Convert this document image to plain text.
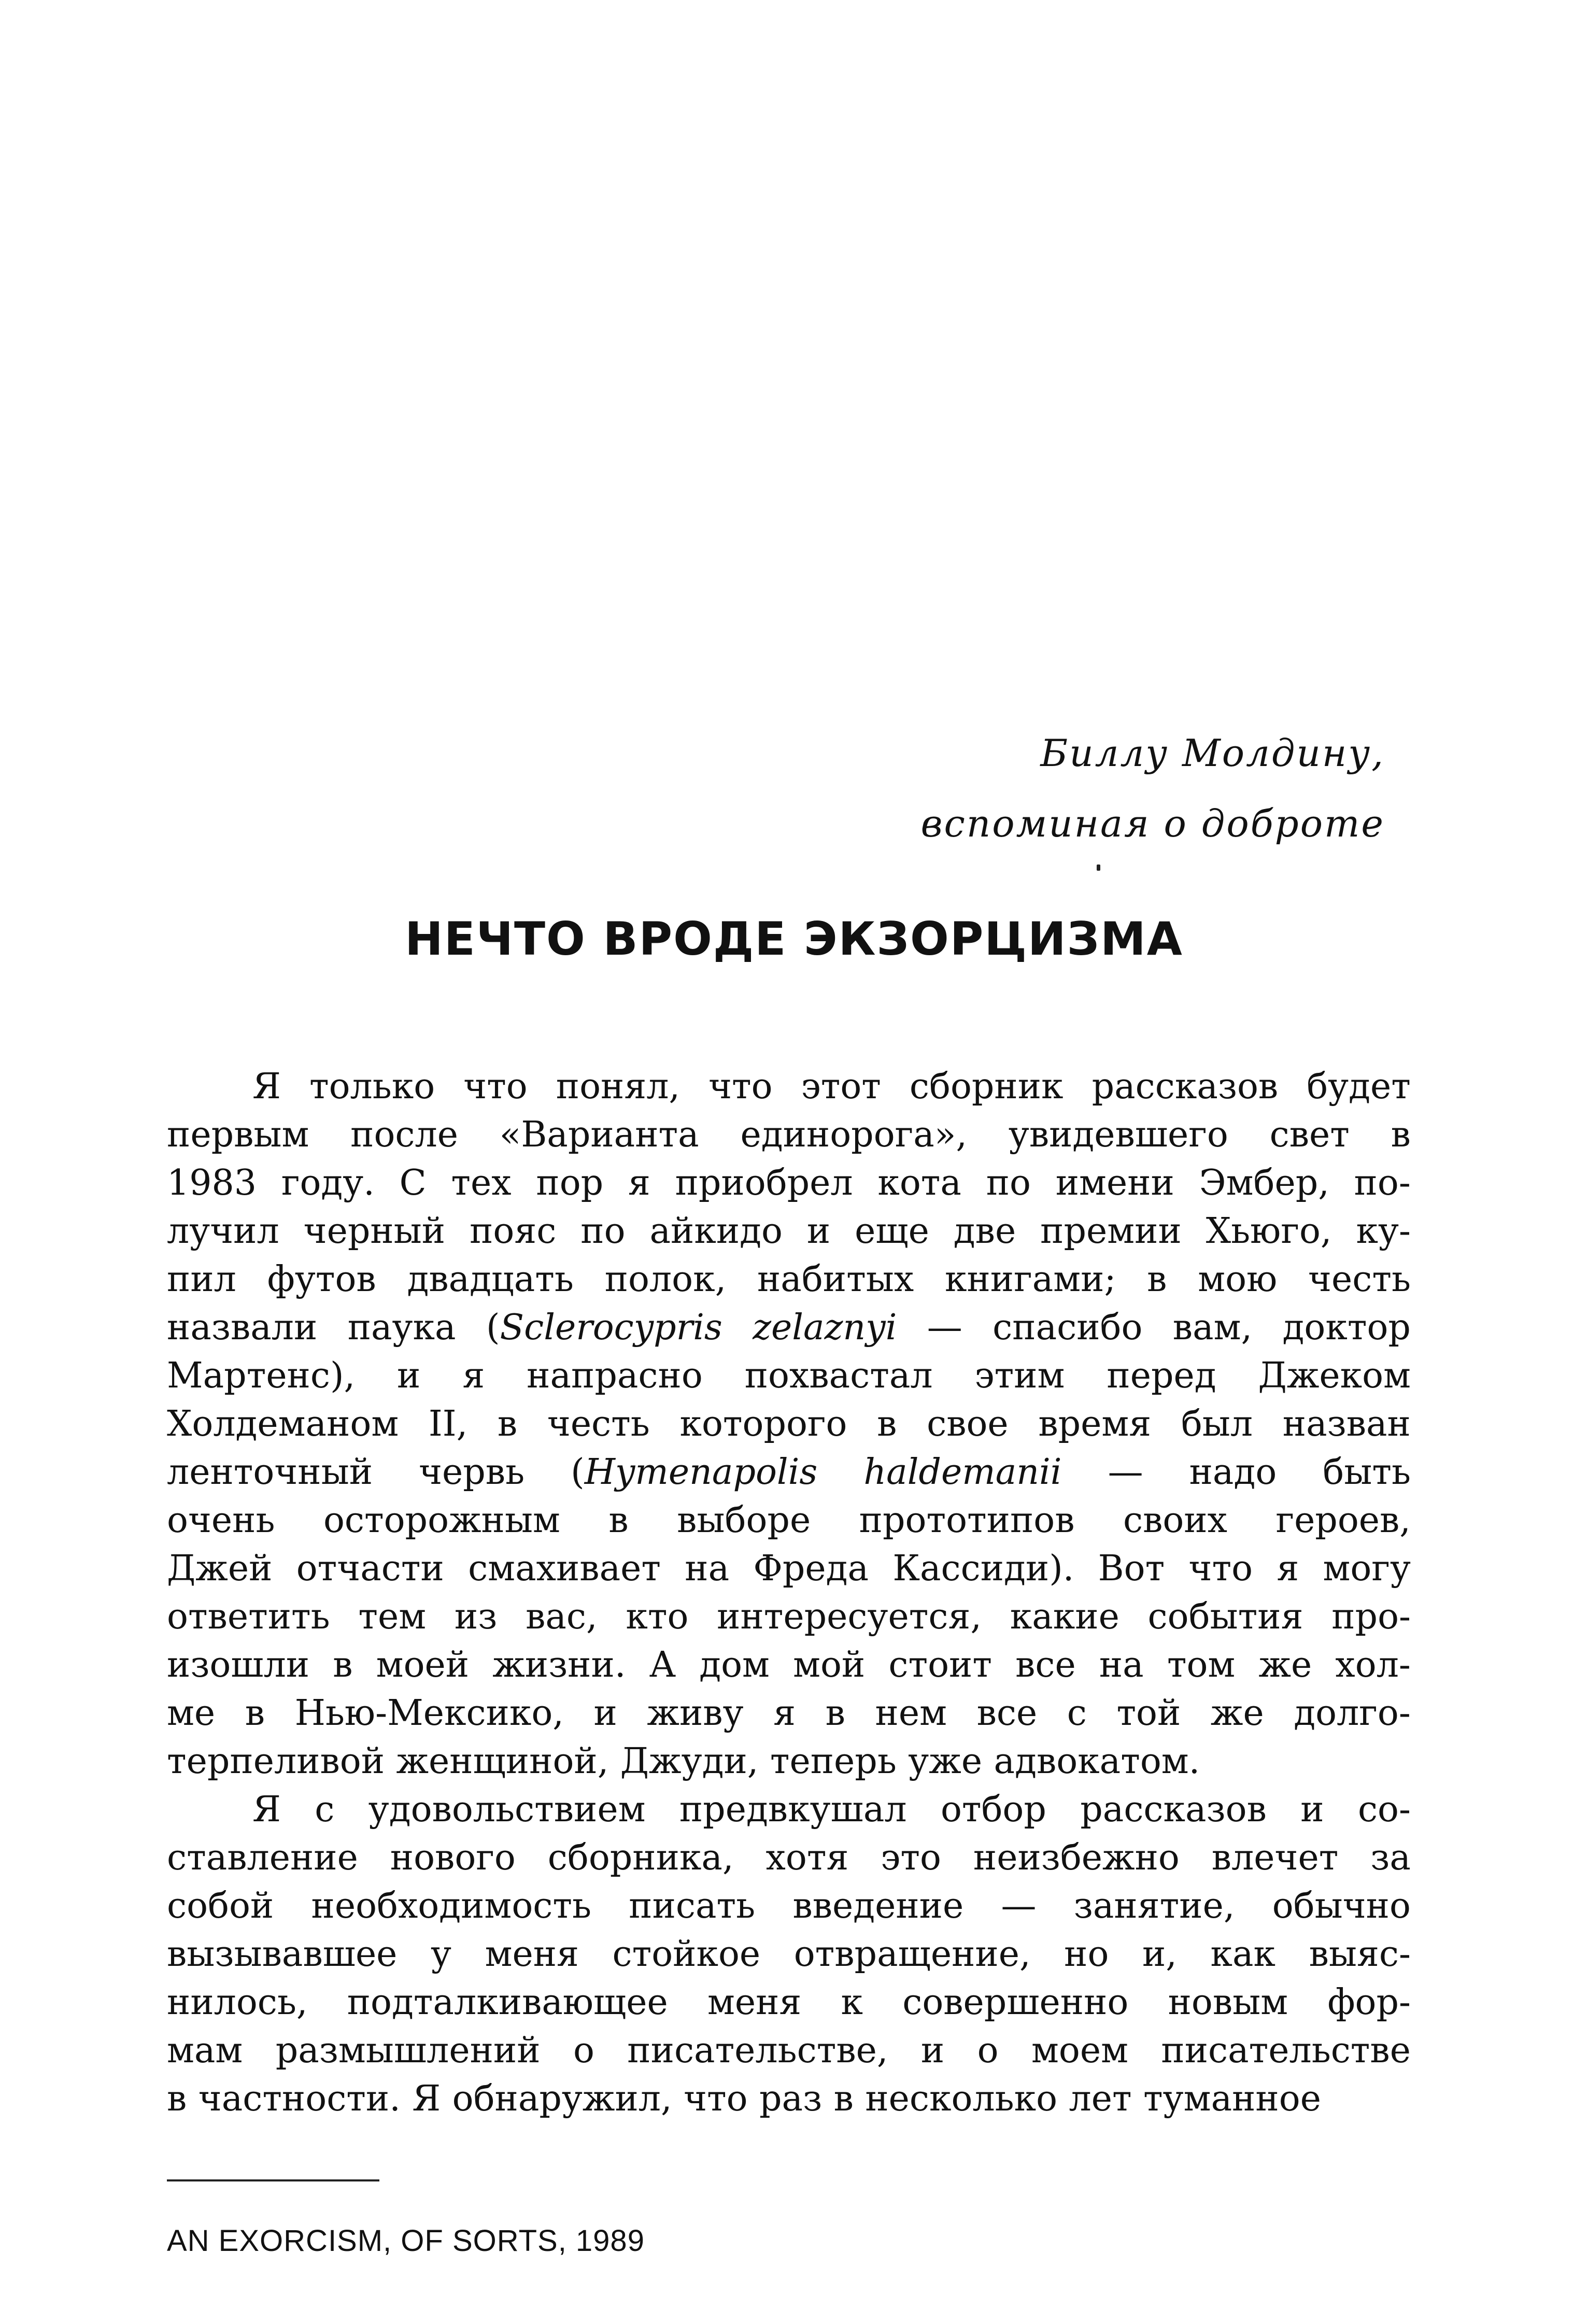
Биллу Молдину,
вспоминая о доброте
НЕЧТО ВРОДЕ ЭКЗОРЦИЗМА
Я только что понял, что этот сборник рассказов будет
первым после «Варианта единорога», увидевшего свет в
1983 году. С тех пор я приобрел кота по имени Эмбер, по-
лучил черный пояс по айкидо и еще две премии Хьюго, ку-
пил футов двадцать полок, набитых книгами; в мою честь
назвали паука (Sclerocypris zelaznyi — спасибо вам, доктор
Мартенс), и я напрасно похвастал этим перед Джеком
Холдеманом II, в честь которого в свое время был назван
ленточный червь (Hymenapolis haldemanii — надо быть
очень осторожным в выборе прототипов своих героев,
Джей отчасти смахивает на Фреда Кассиди). Вот что я могу
ответить тем из вас, кто интересуется, какие события про-
изошли в моей жизни. А дом мой стоит все на том же хол-
ме в Нью-Мексико, и живу я в нем все с той же долго-
терпеливой женщиной, Джуди, теперь уже адвокатом.
Я с удовольствием предвкушал отбор рассказов и со-
ставление нового сборника, хотя это неизбежно влечет за
собой необходимость писать введение — занятие, обычно
вызывавшее у меня стойкое отвращение, но и, как выяс-
нилось, подталкивающее меня к совершенно новым фор-
мам размышлений о писательстве, и о моем писательстве
в частности. Я обнаружил, что раз в несколько лет туманное
AN EXORCISM, OF SORTS, 1989
